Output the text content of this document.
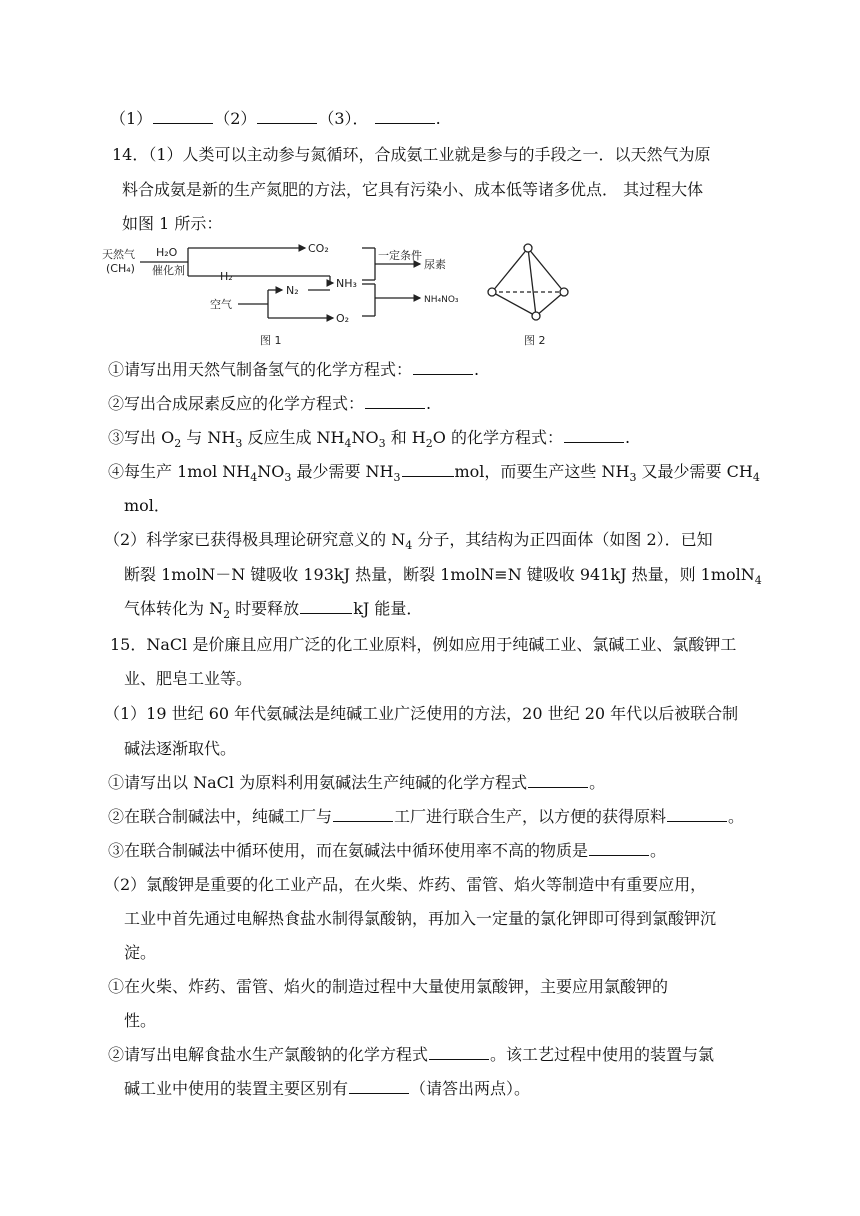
（1）	（2）	（3）．	.
14．（1）人类可以主动参与氮循环，合成氨工业就是参与的手段之一．以天然气为原
料合成氨是新的生产氮肥的方法，它具有污染小、成本低等诸多优点． 其过程大体
如图 1 所示：
天然气
(CH₄)
H₂O
催化剂
CO₂
H₂
NH₃
空气
N₂
O₂
一定条件
尿素
NH₄NO₃
图 1	图 2
①请写出用天然气制备氢气的化学方程式：	.
②写出合成尿素反应的化学方程式：	.
③写出 $O_2$ 与 $NH_3$ 反应生成 $NH_4NO_3$ 和 $H_2O$ 的化学方程式：	.
④每生产 1mol $NH_4NO_3$ 最少需要 $NH_3$	mol，而要生产这些 $NH_3$ 又最少需要 $CH_4$
mol．
（2）科学家已获得极具理论研究意义的 $N_4$ 分子，其结构为正四面体（如图 2）．已知
断裂 1molN－N 键吸收 193kJ 热量，断裂 1molN≡N 键吸收 941kJ 热量，则 1molN$_4$
气体转化为 $N_2$ 时要释放	kJ 能量．
15．NaCl 是价廉且应用广泛的化工业原料，例如应用于纯碱工业、氯碱工业、氯酸钾工
业、肥皂工业等。
（1）19 世纪 60 年代氨碱法是纯碱工业广泛使用的方法，20 世纪 20 年代以后被联合制
碱法逐渐取代。
①请写出以 NaCl 为原料利用氨碱法生产纯碱的化学方程式	。
②在联合制碱法中，纯碱工厂与	工厂进行联合生产，以方便的获得原料	。
③在联合制碱法中循环使用，而在氨碱法中循环使用率不高的物质是	。
（2）氯酸钾是重要的化工业产品，在火柴、炸药、雷管、焰火等制造中有重要应用，
工业中首先通过电解热食盐水制得氯酸钠，再加入一定量的氯化钾即可得到氯酸钾沉
淀。
①在火柴、炸药、雷管、焰火的制造过程中大量使用氯酸钾，主要应用氯酸钾的
性。
②请写出电解食盐水生产氯酸钠的化学方程式	。该工艺过程中使用的装置与氯
碱工业中使用的装置主要区别有	（请答出两点）。
